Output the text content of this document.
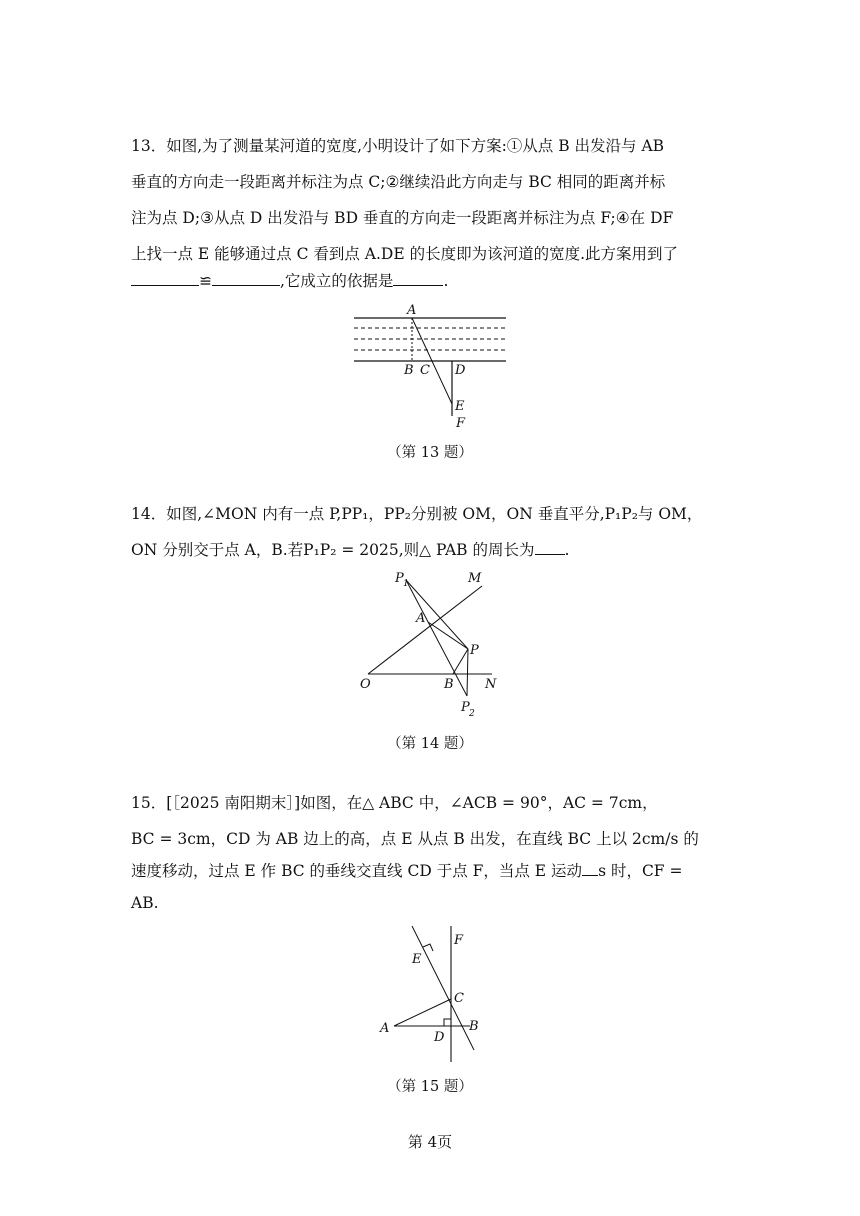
13．如图,为了测量某河道的宽度,小明设计了如下方案:①从点 B 出发沿与 AB
垂直的方向走一段距离并标注为点 C;②继续沿此方向走与 BC 相同的距离并标
注为点 D;③从点 D 出发沿与 BD 垂直的方向走一段距离并标注为点 F;④在 DF
上找一点 E 能够通过点 C 看到点 A.DE 的长度即为该河道的宽度.此方案用到了
≌	,它成立的依据是	.
A
B C D
E
F
（第 13 题）
14．如图,∠MON 内有一点 P,PP₁，PP₂分别被 OM，ON 垂直平分,P₁P₂与 OM，
ON 分别交于点 A，B.若P₁P₂ = 2025,则△ PAB 的周长为 .
P 1	M
A
P
O	B N
P 2
（第 14 题）
15．[［2025 南阳期末］]如图，在△ ABC 中，∠ACB = 90°，AC = 7cm，
BC = 3cm，CD 为 AB 边上的高，点 E 从点 B 出发，在直线 BC 上以 2cm/s 的
速度移动，过点 E 作 BC 的垂线交直线 CD 于点 F，当点 E 运动 s 时，CF =
AB.
F
E
C
A	B
D
（第 15 题）
第 4页
